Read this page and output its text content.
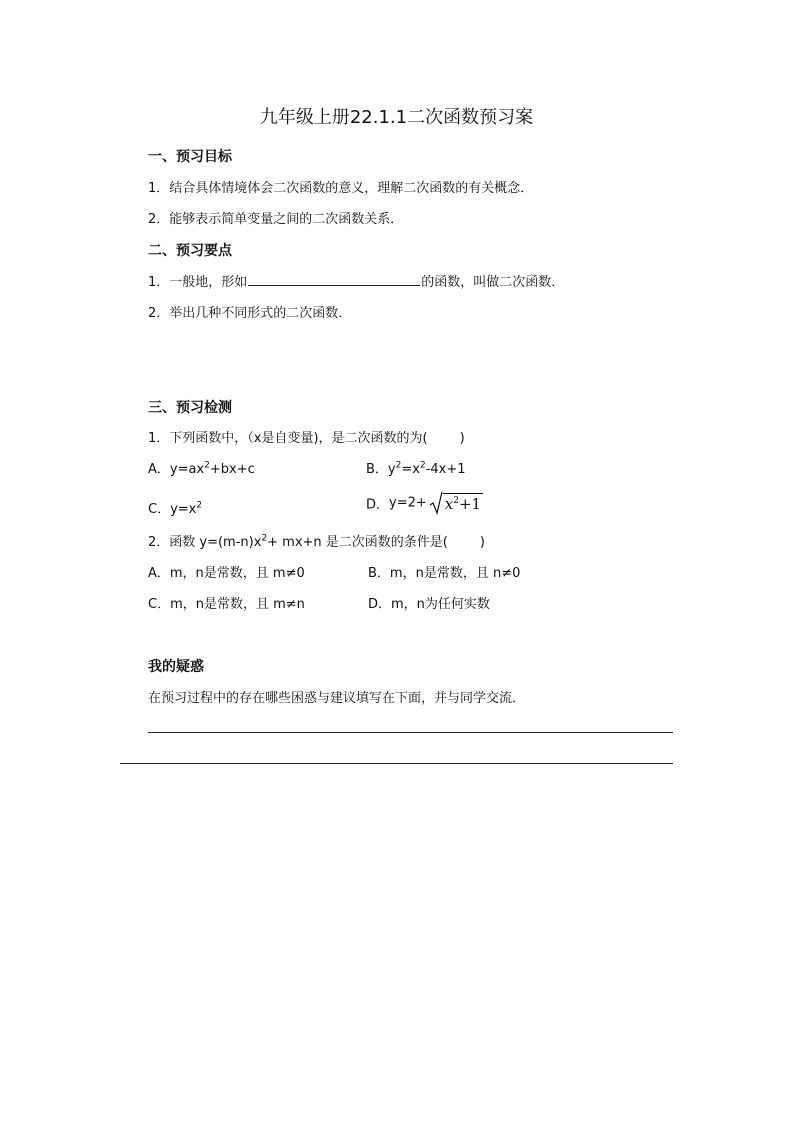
九年级上册22.1.1二次函数预习案
一、预习目标
1．结合具体情境体会二次函数的意义，理解二次函数的有关概念．
2．能够表示简单变量之间的二次函数关系．
二、预习要点
1．一般地，形如	的函数，叫做二次函数．
2．举出几种不同形式的二次函数．
三、预习检测
1．下列函数中，（x是自变量)，是二次函数的为( )
A．$y=ax^2+bx+c$	B．$y^2=x^2-4x+1$
C．$y=x^2$	D．$y=2+ x^2+1$
2．函数 $y=(m-n)x^2+ mx+n$ 是二次函数的条件是( )
A．m，n是常数，且 m≠0	B．m，n是常数，且 n≠0
C．m，n是常数，且 m≠n	D．m，n为任何实数
我的疑惑
在预习过程中的存在哪些困惑与建议填写在下面，并与同学交流．
